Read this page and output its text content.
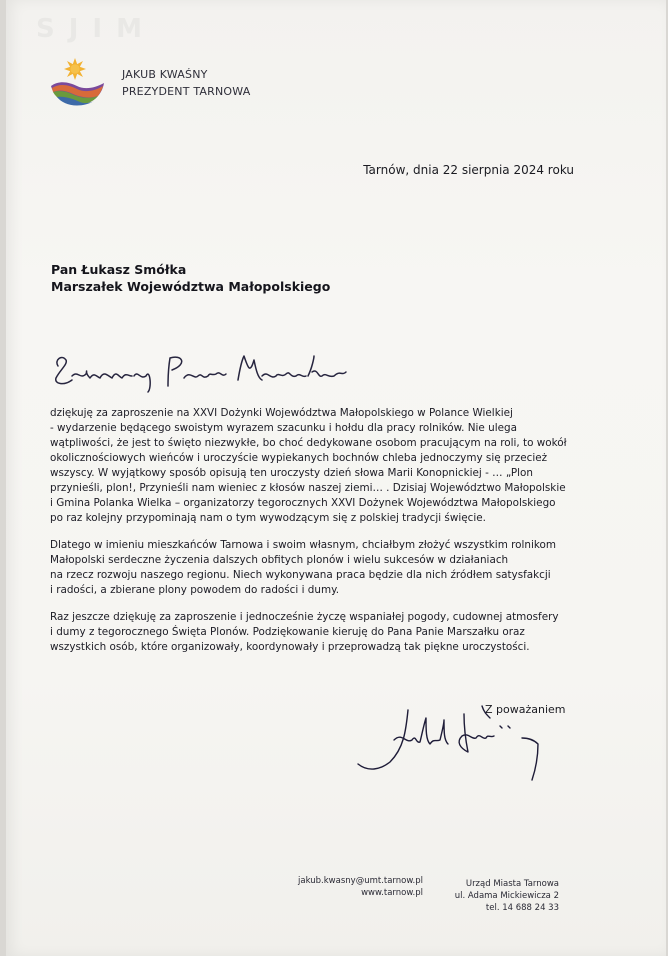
SJIM
JAKUB KWAŚNY
PREZYDENT TARNOWA
Tarnów, dnia 22 sierpnia 2024 roku
Pan Łukasz Smółka
Marszałek Województwa Małopolskiego
dziękuję za zaproszenie na XXVI Dożynki Województwa Małopolskiego w Polance Wielkiej
- wydarzenie będącego swoistym wyrazem szacunku i hołdu dla pracy rolników. Nie ulega
wątpliwości, że jest to święto niezwykłe, bo choć dedykowane osobom pracującym na roli, to wokół
okolicznościowych wieńców i uroczyście wypiekanych bochnów chleba jednoczymy się przecież
wszyscy. W wyjątkowy sposób opisują ten uroczysty dzień słowa Marii Konopnickiej - … „Plon
przynieśli, plon!, Przynieśli nam wieniec z kłosów naszej ziemi… . Dzisiaj Województwo Małopolskie
i Gmina Polanka Wielka – organizatorzy tegorocznych XXVI Dożynek Województwa Małopolskiego
po raz kolejny przypominają nam o tym wywodzącym się z polskiej tradycji święcie.
Dlatego w imieniu mieszkańców Tarnowa i swoim własnym, chciałbym złożyć wszystkim rolnikom
Małopolski serdeczne życzenia dalszych obfitych plonów i wielu sukcesów w działaniach
na rzecz rozwoju naszego regionu. Niech wykonywana praca będzie dla nich źródłem satysfakcji
i radości, a zbierane plony powodem do radości i dumy.
Raz jeszcze dziękuję za zaproszenie i jednocześnie życzę wspaniałej pogody, cudownej atmosfery
i dumy z tegorocznego Święta Plonów. Podziękowanie kieruję do Pana Panie Marszałku oraz
wszystkich osób, które organizowały, koordynowały i przeprowadzą tak piękne uroczystości.
Z poważaniem
jakub.kwasny@umt.tarnow.pl
www.tarnow.pl
Urząd Miasta Tarnowa
ul. Adama Mickiewicza 2
tel. 14 688 24 33
